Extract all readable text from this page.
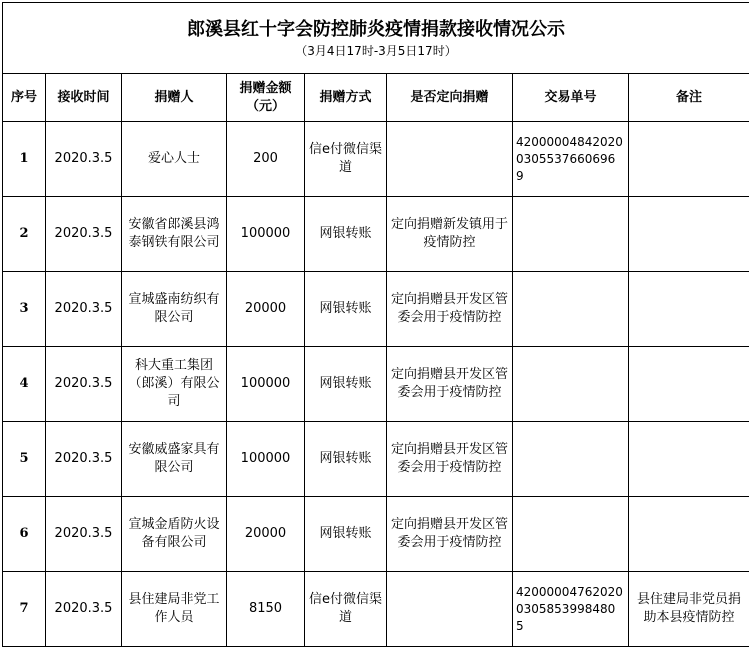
郎溪县红十字会防控肺炎疫情捐款接收情况公示
（3月4日17时-3月5日17时）							

序号	接收时间	捐赠人	捐赠金额（元）	捐赠方式	是否定向捐赠	交易单号	备注
1	2020.3.5	爱心人士	200	信e付微信渠道		420000048420200305537660696 9	
2	2020.3.5	安徽省郎溪县鸿泰钢铁有限公司	100000	网银转账	定向捐赠新发镇用于疫情防控		
3	2020.3.5	宣城盛南纺织有限公司	20000	网银转账	定向捐赠县开发区管委会用于疫情防控		
4	2020.3.5	科大重工集团（郎溪）有限公司	100000	网银转账	定向捐赠县开发区管委会用于疫情防控		
5	2020.3.5	安徽威盛家具有限公司	100000	网银转账	定向捐赠县开发区管委会用于疫情防控		
6	2020.3.5	宣城金盾防火设备有限公司	20000	网银转账	定向捐赠县开发区管委会用于疫情防控		
7	2020.3.5	县住建局非党工作人员	8150	信e付微信渠道		420000047620200305853998480 5	县住建局非党员捐助本县疫情防控
